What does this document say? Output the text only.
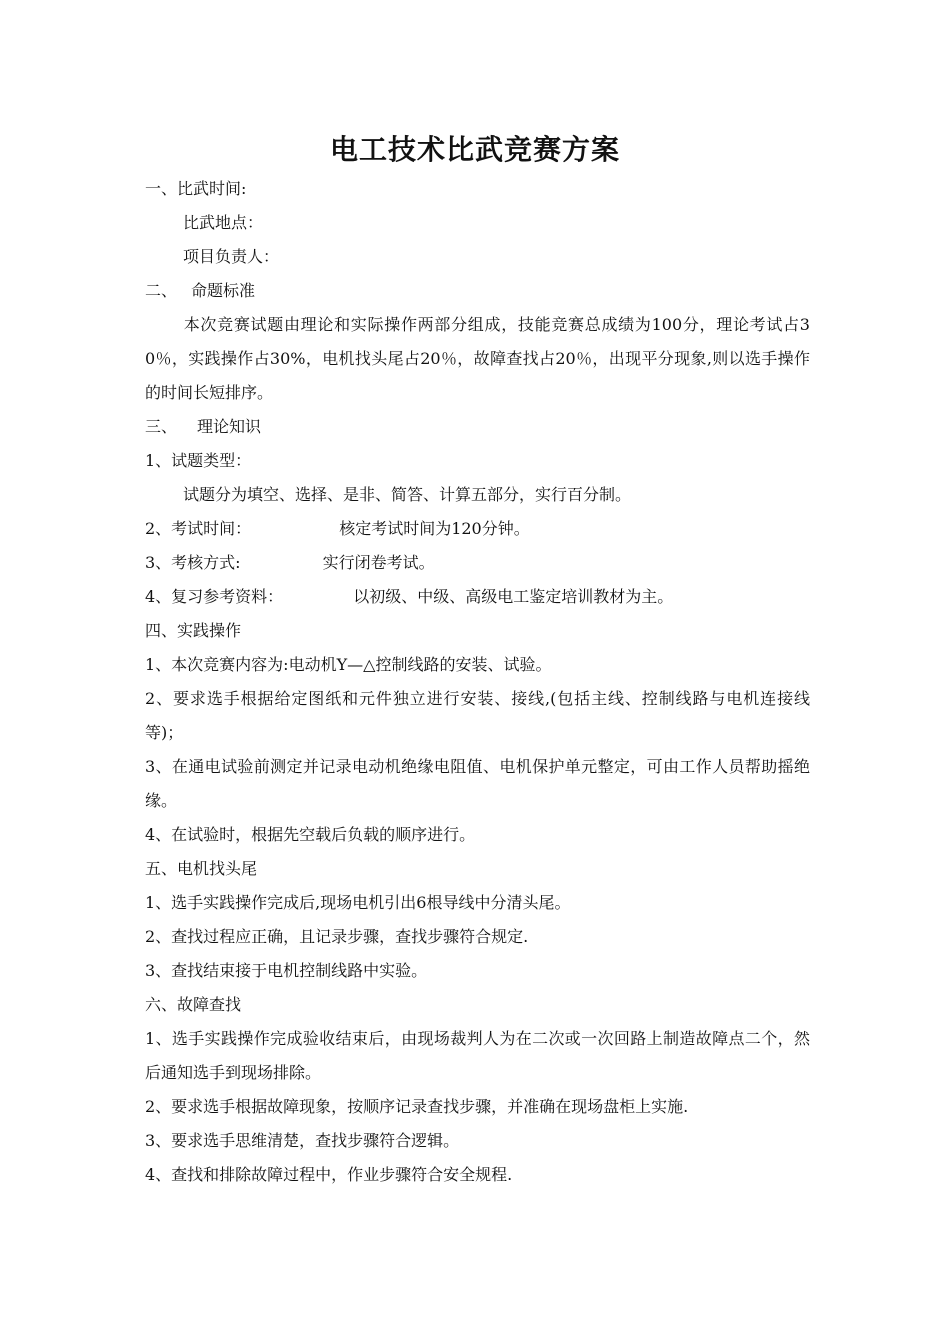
电工技术比武竞赛方案
一、比武时间:
比武地点：
项目负责人：
二、 命题标准
本次竞赛试题由理论和实际操作两部分组成，技能竞赛总成绩为100分，理论考试占30％，实践操作占30%，电机找头尾占20％，故障查找占20％，出现平分现象,则以选手操作的时间长短排序。
三、 理论知识
1、试题类型：
试题分为填空、选择、是非、简答、计算五部分，实行百分制。
2、考试时间：	核定考试时间为120分钟。
3、考核方式:	实行闭卷考试。
4、复习参考资料：	以初级、中级、高级电工鉴定培训教材为主。
四、实践操作
1、本次竞赛内容为:电动机Y—△控制线路的安装、试验。
2、要求选手根据给定图纸和元件独立进行安装、接线,(包括主线、控制线路与电机连接线等)；
3、在通电试验前测定并记录电动机绝缘电阻值、电机保护单元整定，可由工作人员帮助摇绝缘。
4、在试验时，根据先空载后负载的顺序进行。
五、电机找头尾
1、选手实践操作完成后,现场电机引出6根导线中分清头尾。
2、查找过程应正确，且记录步骤，查找步骤符合规定.
3、查找结束接于电机控制线路中实验。
六、故障查找
1、选手实践操作完成验收结束后，由现场裁判人为在二次或一次回路上制造故障点二个，然后通知选手到现场排除。
2、要求选手根据故障现象，按顺序记录查找步骤，并准确在现场盘柜上实施.
3、要求选手思维清楚，查找步骤符合逻辑。
4、查找和排除故障过程中，作业步骤符合安全规程.
